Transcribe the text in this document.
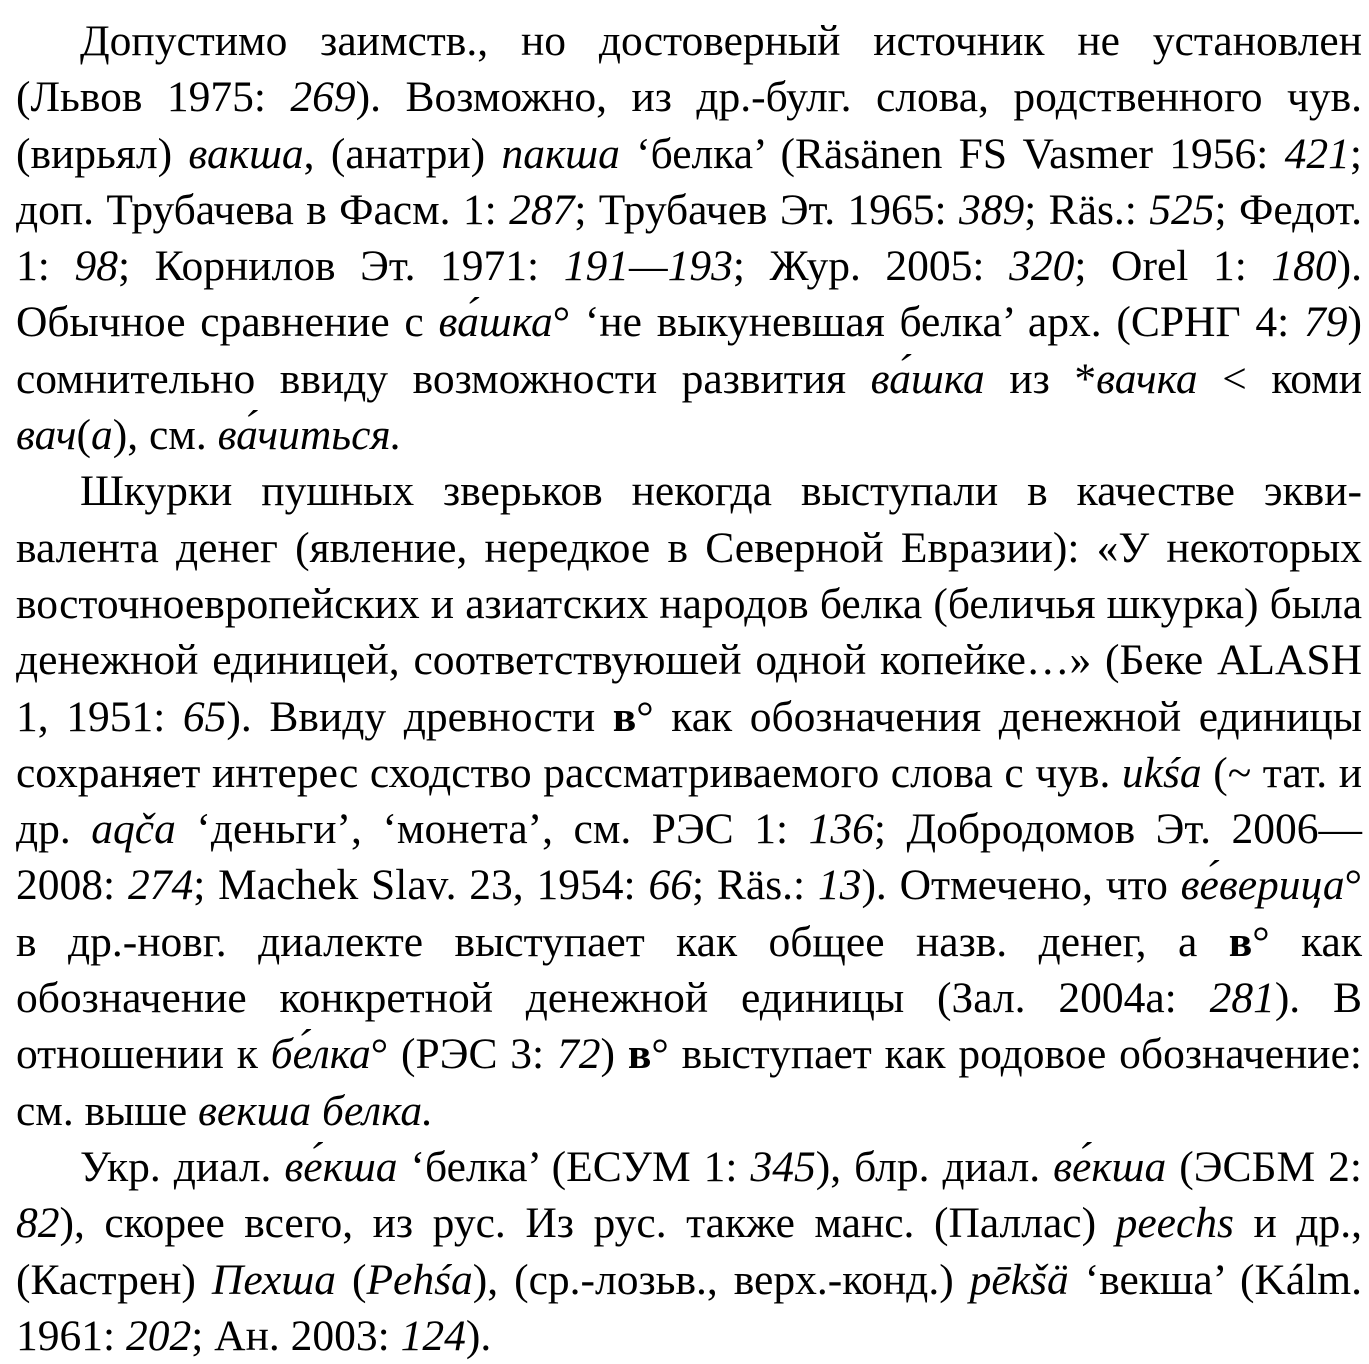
Допустимо заимств., но достоверный источник не установлен (Львов 1975: 269). Возможно, из др.-булг. слова, родственного чув. (вирьял) вакша, (анатри) пакша ‘белка’ (Räsänen FS Vasmer 1956: 421; доп. Трубачева в Фасм. 1: 287; Трубачев Эт. 1965: 389; Räs.: 525; Федот. 1: 98; Корнилов Эт. 1971: 191—193; Жур. 2005: 320; Orel 1: 180). Обычное сравнение с ва́шка° ‘не выкуневшая белка’ арх. (СРНГ 4: 79) сомнительно ввиду возможности развития ва́шка из *вачка < коми вач(а), см. ва́читься.

Шкурки пушных зверьков некогда выступали в качестве эквивалента денег (явление, нередкое в Северной Евразии): «У некоторых восточноевропейских и азиатских народов белка (беличья шкурка) была денежной единицей, соответствуюшей одной копейке…» (Беке ALASH 1, 1951: 65). Ввиду древности в° как обозначения денежной единицы сохраняет интерес сходство рассматриваемого слова с чув. ukśa (~ тат. и др. aqča ‘деньги’, ‘монета’, см. РЭС 1: 136; Добродомов Эт. 2006—2008: 274; Machek Slav. 23, 1954: 66; Räs.: 13). Отмечено, что ве́верица° в др.-новг. диалекте выступает как общее назв. денег, а в° как обозначение конкретной денежной единицы (Зал. 2004а: 281). В отношении к бе́лка° (РЭС 3: 72) в° выступает как родовое обозначение: см. выше векша белка.

Укр. диал. ве́кша ‘белка’ (ЕСУМ 1: 345), блр. диал. ве́кша (ЭСБМ 2: 82), скорее всего, из рус. Из рус. также манс. (Паллас) peechs и др., (Кастрен) Пехша (Pehśa), (ср.-лозьв., верх.-конд.) pēkšä ‘векша’ (Kálm. 1961: 202; Ан. 2003: 124).
